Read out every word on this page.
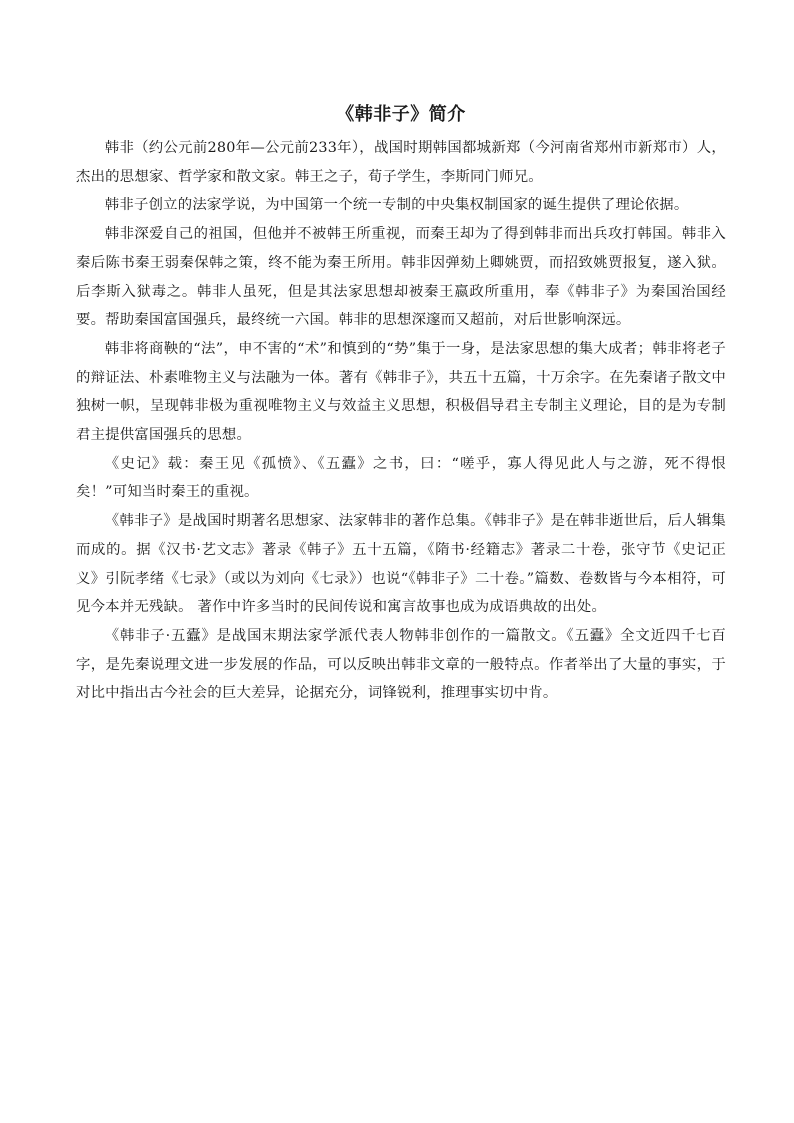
《韩非子》简介

韩非（约公元前280年—公元前233年），战国时期韩国都城新郑（今河南省郑州市新郑市）人，杰出的思想家、哲学家和散文家。韩王之子，荀子学生，李斯同门师兄。

韩非子创立的法家学说，为中国第一个统一专制的中央集权制国家的诞生提供了理论依据。

韩非深爱自己的祖国，但他并不被韩王所重视，而秦王却为了得到韩非而出兵攻打韩国。韩非入秦后陈书秦王弱秦保韩之策，终不能为秦王所用。韩非因弹劾上卿姚贾，而招致姚贾报复，遂入狱。后李斯入狱毒之。韩非人虽死，但是其法家思想却被秦王嬴政所重用，奉《韩非子》为秦国治国经要。帮助秦国富国强兵，最终统一六国。韩非的思想深邃而又超前，对后世影响深远。

韩非将商鞅的“法”，申不害的“术”和慎到的“势”集于一身，是法家思想的集大成者；韩非将老子的辩证法、朴素唯物主义与法融为一体。著有《韩非子》，共五十五篇，十万余字。在先秦诸子散文中独树一帜，呈现韩非极为重视唯物主义与效益主义思想，积极倡导君主专制主义理论，目的是为专制君主提供富国强兵的思想。

《史记》载：秦王见《孤愤》、《五蠹》之书，曰：“嗟乎，寡人得见此人与之游，死不得恨矣！”可知当时秦王的重视。

《韩非子》是战国时期著名思想家、法家韩非的著作总集。《韩非子》是在韩非逝世后，后人辑集而成的。据《汉书·艺文志》著录《韩子》五十五篇，《隋书·经籍志》著录二十卷，张守节《史记正义》引阮孝绪《七录》（或以为刘向《七录》）也说“《韩非子》二十卷。”篇数、卷数皆与今本相符，可见今本并无残缺。 著作中许多当时的民间传说和寓言故事也成为成语典故的出处。

《韩非子·五蠹》是战国末期法家学派代表人物韩非创作的一篇散文。《五蠹》全文近四千七百字，是先秦说理文进一步发展的作品，可以反映出韩非文章的一般特点。作者举出了大量的事实，于对比中指出古今社会的巨大差异，论据充分，词锋锐利，推理事实切中肯。
